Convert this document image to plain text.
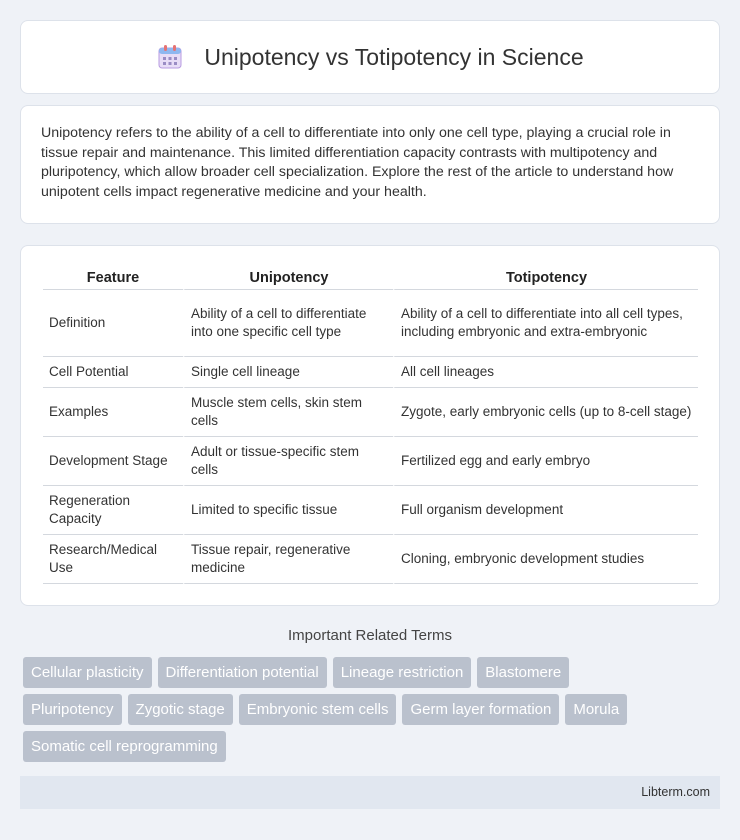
Unipotency vs Totipotency in Science

Unipotency refers to the ability of a cell to differentiate into only one cell type, playing a crucial role in tissue repair and maintenance. This limited differentiation capacity contrasts with multipotency and pluripotency, which allow broader cell specialization. Explore the rest of the article to understand how unipotent cells impact regenerative medicine and your health.

Feature	Unipotency	Totipotency
Definition	Ability of a cell to differentiate into one specific cell type	Ability of a cell to differentiate into all cell types, including embryonic and extra-embryonic
Cell Potential	Single cell lineage	All cell lineages
Examples	Muscle stem cells, skin stem cells	Zygote, early embryonic cells (up to 8-cell stage)
Development Stage	Adult or tissue-specific stem cells	Fertilized egg and early embryo
Regeneration Capacity	Limited to specific tissue	Full organism development
Research/Medical Use	Tissue repair, regenerative medicine	Cloning, embryonic development studies
Important Related Terms
Cellular plasticity	Differentiation potential	Lineage restriction	Blastomere
Pluripotency	Zygotic stage	Embryonic stem cells	Germ layer formation	Morula
Somatic cell reprogramming
Libterm.com
